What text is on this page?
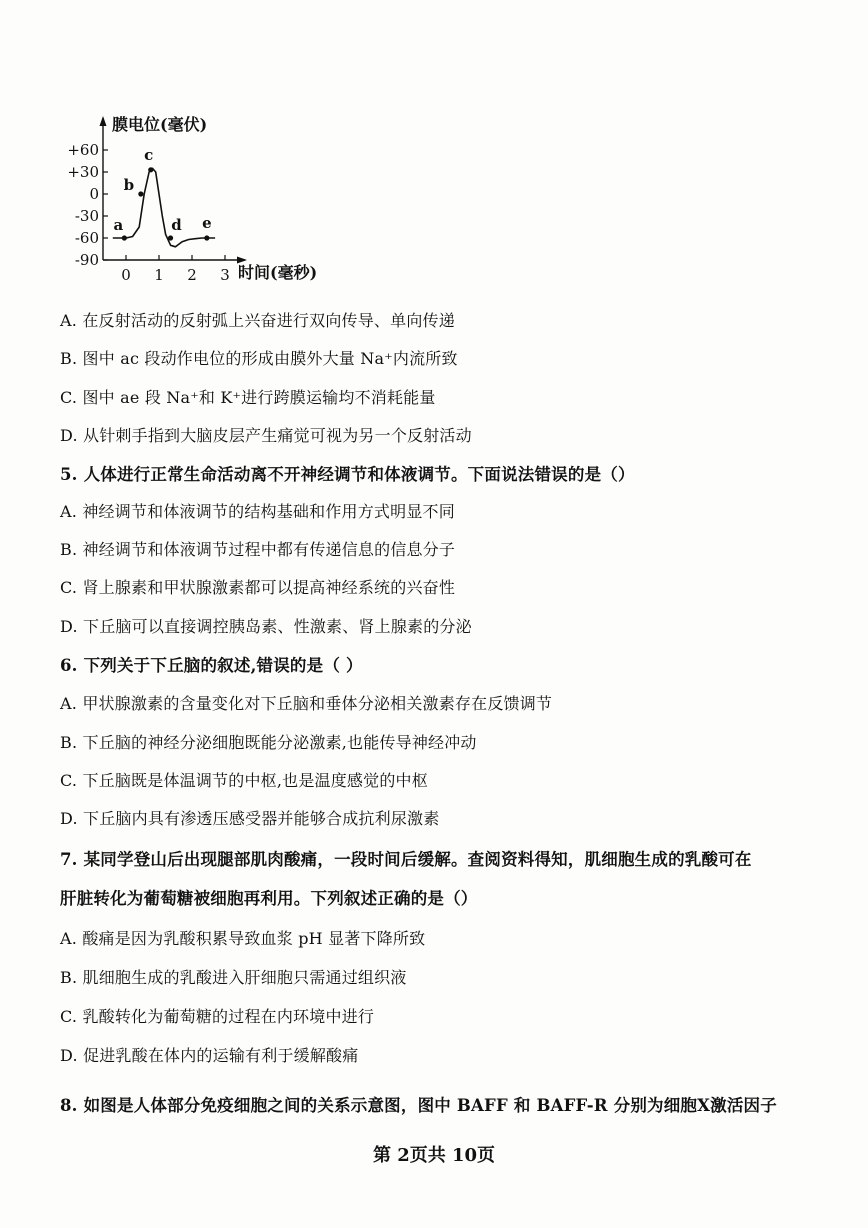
膜电位(毫伏)
+60
+30
0
-30
-60
-90
0 1 2 3
a
b
c
d e
时间(毫秒)
A. 在反射活动的反射弧上兴奋进行双向传导、单向传递
B. 图中 ac 段动作电位的形成由膜外大量 Na⁺内流所致
C. 图中 ae 段 Na⁺和 K⁺进行跨膜运输均不消耗能量
D. 从针刺手指到大脑皮层产生痛觉可视为另一个反射活动
5. 人体进行正常生命活动离不开神经调节和体液调节。下面说法错误的是（）
A. 神经调节和体液调节的结构基础和作用方式明显不同
B. 神经调节和体液调节过程中都有传递信息的信息分子
C. 肾上腺素和甲状腺激素都可以提高神经系统的兴奋性
D. 下丘脑可以直接调控胰岛素、性激素、肾上腺素的分泌
6. 下列关于下丘脑的叙述,错误的是（ ）
A. 甲状腺激素的含量变化对下丘脑和垂体分泌相关激素存在反馈调节
B. 下丘脑的神经分泌细胞既能分泌激素,也能传导神经冲动
C. 下丘脑既是体温调节的中枢,也是温度感觉的中枢
D. 下丘脑内具有渗透压感受器并能够合成抗利尿激素
7. 某同学登山后出现腿部肌肉酸痛，一段时间后缓解。查阅资料得知，肌细胞生成的乳酸可在
肝脏转化为葡萄糖被细胞再利用。下列叙述正确的是（）
A. 酸痛是因为乳酸积累导致血浆 pH 显著下降所致
B. 肌细胞生成的乳酸进入肝细胞只需通过组织液
C. 乳酸转化为葡萄糖的过程在内环境中进行
D. 促进乳酸在体内的运输有利于缓解酸痛
8. 如图是人体部分免疫细胞之间的关系示意图，图中 BAFF 和 BAFF-R 分别为细胞X激活因子
第 2页共 10页
